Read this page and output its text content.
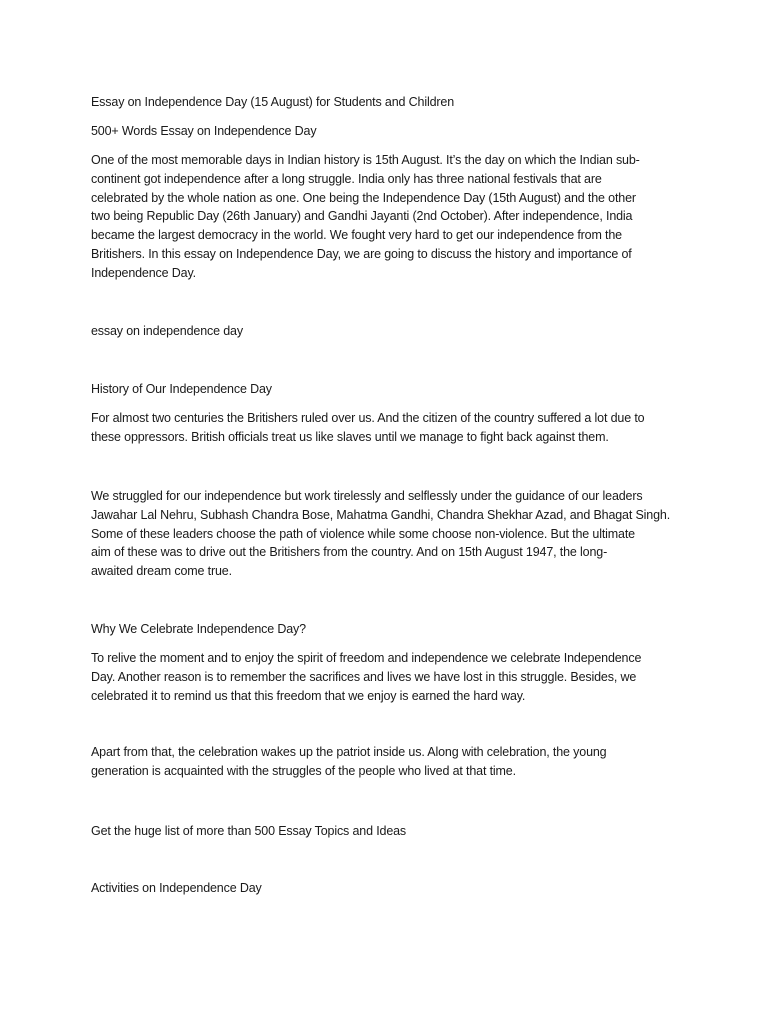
Essay on Independence Day (15 August) for Students and Children

500+ Words Essay on Independence Day

One of the most memorable days in Indian history is 15th August. It’s the day on which the Indian sub-
continent got independence after a long struggle. India only has three national festivals that are
celebrated by the whole nation as one. One being the Independence Day (15th August) and the other
two being Republic Day (26th January) and Gandhi Jayanti (2nd October). After independence, India
became the largest democracy in the world. We fought very hard to get our independence from the
Britishers. In this essay on Independence Day, we are going to discuss the history and importance of
Independence Day.

essay on independence day

History of Our Independence Day

For almost two centuries the Britishers ruled over us. And the citizen of the country suffered a lot due to
these oppressors. British officials treat us like slaves until we manage to fight back against them.
We struggled for our independence but work tirelessly and selflessly under the guidance of our leaders
Jawahar Lal Nehru, Subhash Chandra Bose, Mahatma Gandhi, Chandra Shekhar Azad, and Bhagat Singh.
Some of these leaders choose the path of violence while some choose non-violence. But the ultimate
aim of these was to drive out the Britishers from the country. And on 15th August 1947, the long-
awaited dream come true.

Why We Celebrate Independence Day?

To relive the moment and to enjoy the spirit of freedom and independence we celebrate Independence
Day. Another reason is to remember the sacrifices and lives we have lost in this struggle. Besides, we
celebrated it to remind us that this freedom that we enjoy is earned the hard way.
Apart from that, the celebration wakes up the patriot inside us. Along with celebration, the young
generation is acquainted with the struggles of the people who lived at that time.

Get the huge list of more than 500 Essay Topics and Ideas

Activities on Independence Day
